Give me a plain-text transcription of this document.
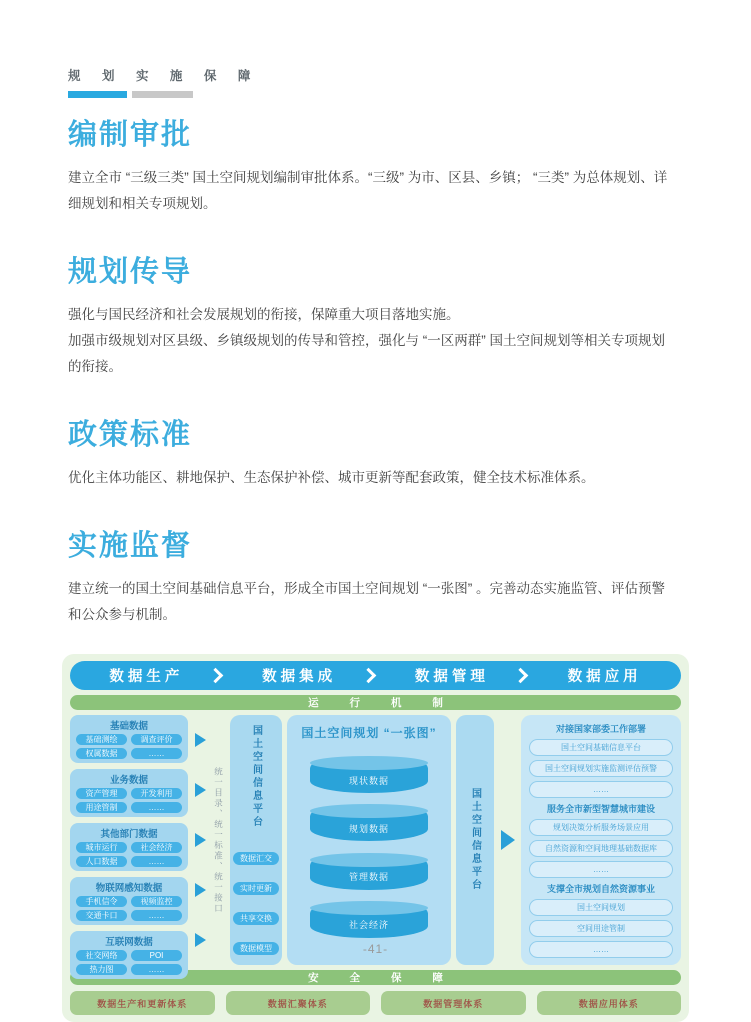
规 划 实 施 保 障
编制审批

建立全市 “三级三类” 国土空间规划编制审批体系。“三级” 为市、区县、乡镇； “三类” 为总体规划、详细规划和相关专项规划。

规划传导

强化与国民经济和社会发展规划的衔接，保障重大项目落地实施。

加强市级规划对区县级、乡镇级规划的传导和管控，强化与 “一区两群” 国土空间规划等相关专项规划的衔接。

政策标准

优化主体功能区、耕地保护、生态保护补偿、城市更新等配套政策，健全技术标准体系。

实施监督

建立统一的国土空间基础信息平台，形成全市国土空间规划 “一张图” 。完善动态实施监管、评估预警和公众参与机制。

数据生产	数据集成	数据管理	数据应用
运 行 机 制
基础数据
基础测绘	调查评价
权属数据	……
业务数据
资产管理	开发利用
用途管制	……
其他部门数据
城市运行	社会经济
人口数据	……
物联网感知数据
手机信令	视频监控
交通卡口	……
互联网数据
社交网络	POI
热力图	……
统一目录、统一标准、统一接口	国土空间信息平台
数据汇交
实时更新
共享交换
数据模型
国土空间规划 “一张图”
现状数据
规划数据
管理数据
社会经济
国土空间信息平台
对接国家部委工作部署
国土空间基础信息平台
国土空间规划实施监测评估预警
……
服务全市新型智慧城市建设
规划决策分析服务场景应用
自然资源和空间地理基础数据库
……
支撑全市规划自然资源事业
国土空间规划
空间用途管制
……
安 全 保 障
数据生产和更新体系	数据汇聚体系	数据管理体系	数据应用体系
-41-
